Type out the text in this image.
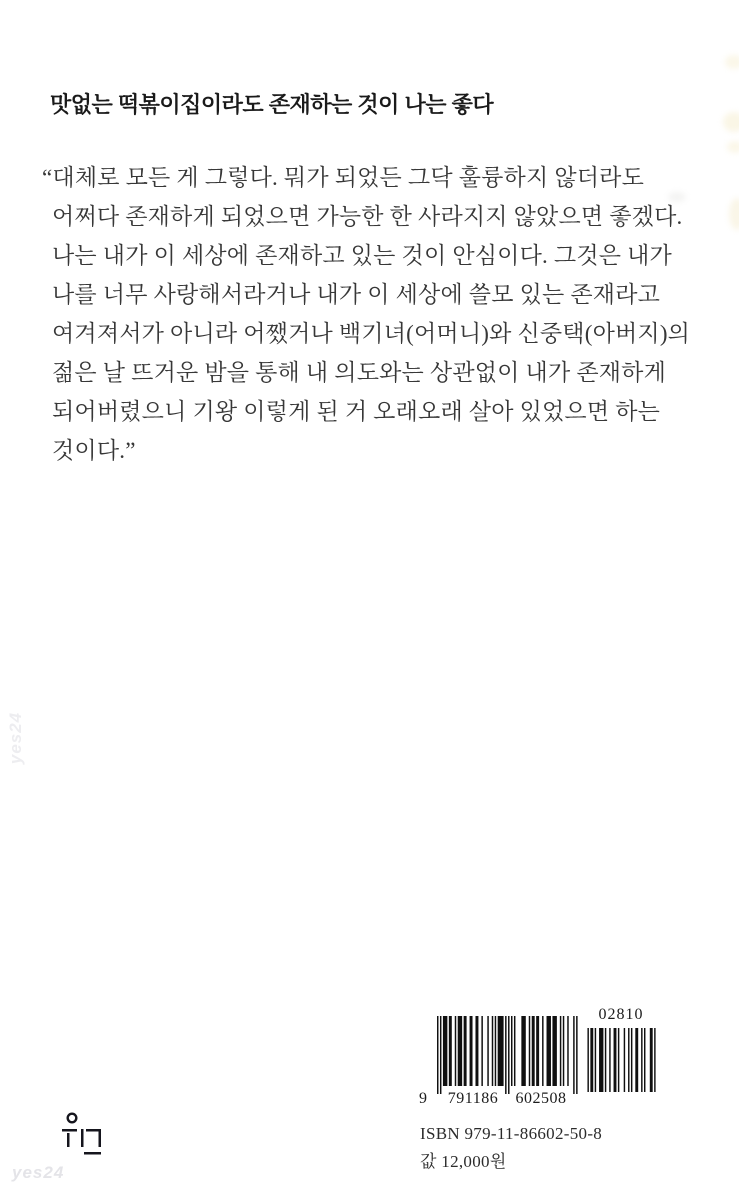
맛없는 떡볶이집이라도 존재하는 것이 나는 좋다
“대체로 모든 게 그렇다. 뭐가 되었든 그닥 훌륭하지 않더라도
어쩌다 존재하게 되었으면 가능한 한 사라지지 않았으면 좋겠다.
나는 내가 이 세상에 존재하고 있는 것이 안심이다. 그것은 내가
나를 너무 사랑해서라거나 내가 이 세상에 쓸모 있는 존재라고
여겨져서가 아니라 어쨌거나 백기녀(어머니)와 신중택(아버지)의
젊은 날 뜨거운 밤을 통해 내 의도와는 상관없이 내가 존재하게
되어버렸으니 기왕 이렇게 된 거 오래오래 살아 있었으면 하는
것이다.”
02810
9 791186 602508
ISBN 979-11-86602-50-8
값 12,000원
yes24
yes24
